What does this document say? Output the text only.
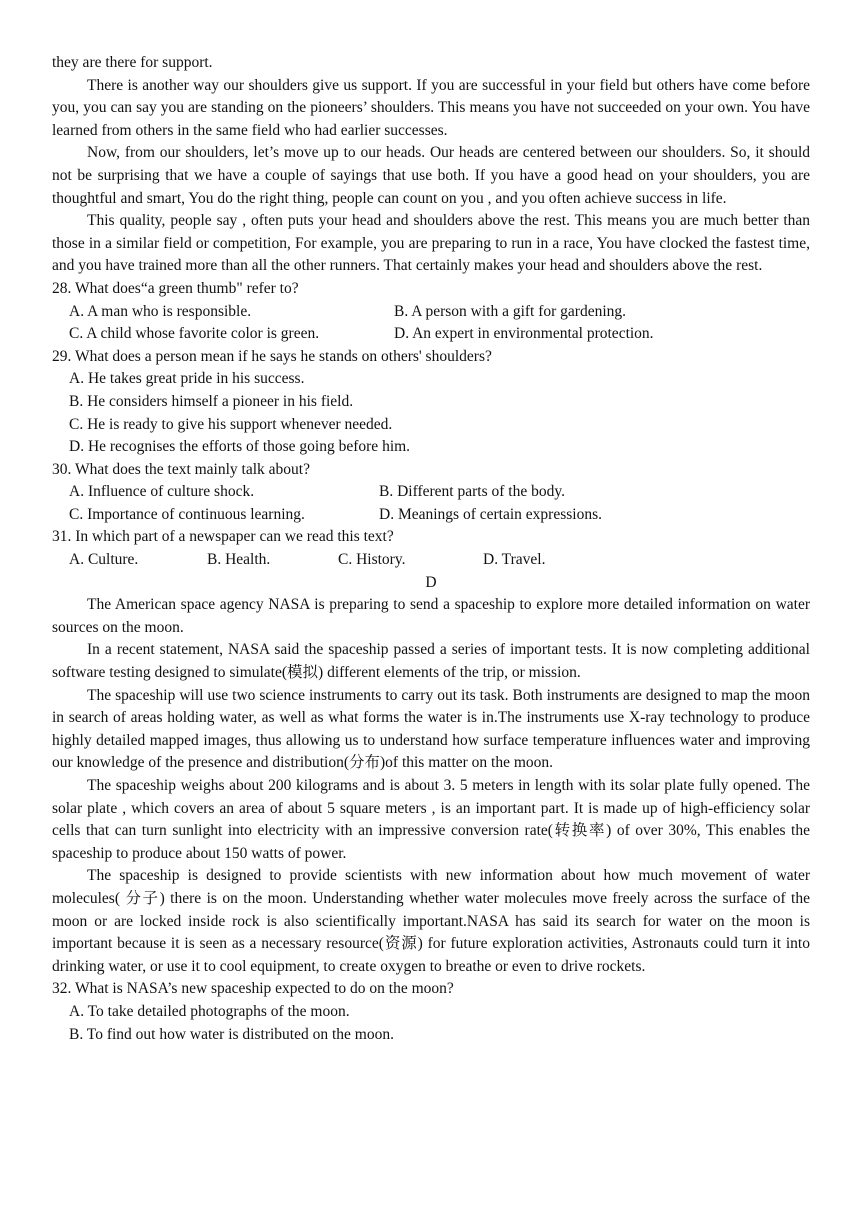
they are there for support.

There is another way our shoulders give us support. If you are successful in your field but others have come before you, you can say you are standing on the pioneers’ shoulders. This means you have not succeeded on your own. You have learned from others in the same field who had earlier successes.

Now, from our shoulders, let’s move up to our heads. Our heads are centered between our shoulders. So, it should not be surprising that we have a couple of sayings that use both. If you have a good head on your shoulders, you are thoughtful and smart, You do the right thing, people can count on you , and you often achieve success in life.

This quality, people say , often puts your head and shoulders above the rest. This means you are much better than those in a similar field or competition, For example, you are preparing to run in a race, You have clocked the fastest time, and you have trained more than all the other runners. That certainly makes your head and shoulders above the rest.

28. What does“a green thumb" refer to?

A. A man who is responsible.	B. A person with a gift for gardening.
C. A child whose favorite color is green.	D. An expert in environmental protection.

29. What does a person mean if he says he stands on others' shoulders?

A. He takes great pride in his success.
B. He considers himself a pioneer in his field.
C. He is ready to give his support whenever needed.
D. He recognises the efforts of those going before him.

30. What does the text mainly talk about?

A. Influence of culture shock.	B. Different parts of the body.
C. Importance of continuous learning.	D. Meanings of certain expressions.

31. In which part of a newspaper can we read this text?

A. Culture.	B. Health.	C. History.	D. Travel.

D

The American space agency NASA is preparing to send a spaceship to explore more detailed information on water sources on the moon.

In a recent statement, NASA said the spaceship passed a series of important tests. It is now completing additional software testing designed to simulate(模拟) different elements of the trip, or mission.

The spaceship will use two science instruments to carry out its task. Both instruments are designed to map the moon in search of areas holding water, as well as what forms the water is in.The instruments use X-ray technology to produce highly detailed mapped images, thus allowing us to understand how surface temperature influences water and improving our knowledge of the presence and distribution(分布)of this matter on the moon.

The spaceship weighs about 200 kilograms and is about 3. 5 meters in length with its solar plate fully opened. The solar plate , which covers an area of about 5 square meters , is an important part. It is made up of high-efficiency solar cells that can turn sunlight into electricity with an impressive conversion rate(转换率) of over 30%, This enables the spaceship to produce about 150 watts of power.

The spaceship is designed to provide scientists with new information about how much movement of water molecules( 分子) there is on the moon. Understanding whether water molecules move freely across the surface of the moon or are locked inside rock is also scientifically important.NASA has said its search for water on the moon is important because it is seen as a necessary resource(资源) for future exploration activities, Astronauts could turn it into drinking water, or use it to cool equipment, to create oxygen to breathe or even to drive rockets.

32. What is NASA’s new spaceship expected to do on the moon?

A. To take detailed photographs of the moon.
B. To find out how water is distributed on the moon.
